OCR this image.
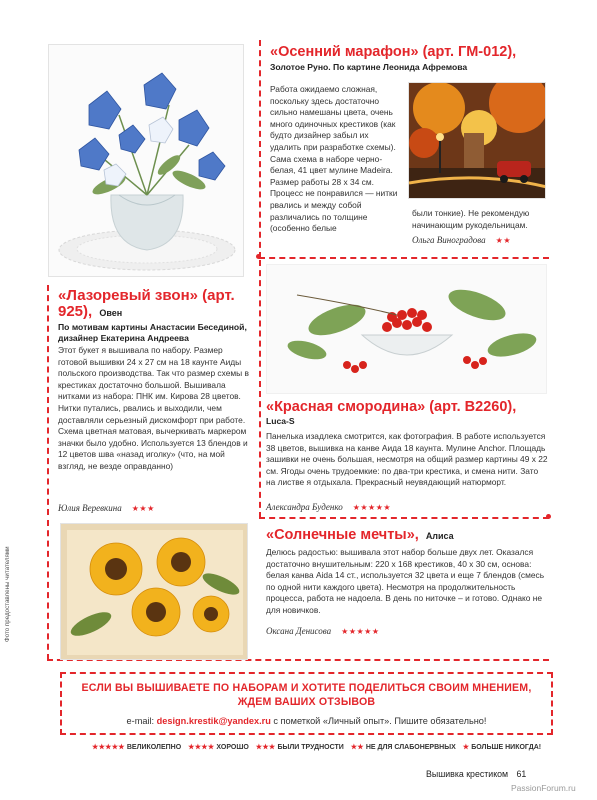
«Лазоревый звон» (арт. 925), Овен
По мотивам картины Анастасии Бесединой, дизайнер Екатерина Андреева
Этот букет я вышивала по набору. Размер готовой вышивки 24 х 27 см на 18 каунте Аиды польского производства. Так что размер схемы в крестиках достаточно большой. Вышивала нитками из набора: ПНК им. Кирова 28 цветов. Нитки путались, рвались и выходили, чем доставляли серьезный дискомфорт при работе. Схема цветная матовая, вычеркивать маркером значки было удобно. Используется 13 блендов и 12 цветов шва «назад иголку» (что, на мой взгляд, не везде оправданно)
Юлия Веревкина ★★★
«Осенний марафон» (арт. ГМ-012),
Золотое Руно. По картине Леонида Афремова
Работа ожидаемо сложная, поскольку здесь достаточно сильно намешаны цвета, очень много одиночных крестиков (как будто дизайнер забыл их удалить при разработке схемы). Сама схема в наборе черно-белая, 41 цвет мулине Madeira. Размер работы 28 х 34 см. Процесс не понравился — нитки рвались и между собой различались по толщине (особенно белые
были тонкие). Не рекомендую начинающим рукодельницам.
Ольга Виноградова ★★
«Красная смородина» (арт. B2260),
Luca-S
Панелька изадлека смотрится, как фотография. В работе используется 38 цветов, вышивка на канве Аида 18 каунта. Мулине Anchor. Площадь зашивки не очень большая, несмотря на общий размер картины 49 х 22 см. Ягоды очень трудоемкие: по два-три крестика, и смена нити. Зато на листве я отдыхала. Прекрасный неувядающий натюрморт.
Александра Буденко ★★★★★
«Солнечные мечты», Алиса
Делюсь радостью: вышивала этот набор больше двух лет. Оказался достаточно внушительным: 220 х 168 крестиков, 40 х 30 см, основа: белая канва Aida 14 ст., используется 32 цвета и еще 7 блендов (смесь по одной нити каждого цвета). Несмотря на продолжительность процесса, работа не надоела. В день по ниточке – и готово. Однако не для новичков.
Оксана Денисова ★★★★★
ЕСЛИ ВЫ ВЫШИВАЕТЕ ПО НАБОРАМ И ХОТИТЕ ПОДЕЛИТЬСЯ СВОИМ МНЕНИЕМ,
ЖДЕМ ВАШИХ ОТЗЫВОВ
e-mail: design.krestik@yandex.ru с пометкой «Личный опыт». Пишите обязательно!
★★★★★ ВЕЛИКОЛЕПНО ★★★★ ХОРОШО ★★★ БЫЛИ ТРУДНОСТИ ★★ НЕ ДЛЯ СЛАБОНЕРВНЫХ ★ БОЛЬШЕ НИКОГДА!
Фото предоставлены читателями
Вышивка крестиком 61
PassionForum.ru
